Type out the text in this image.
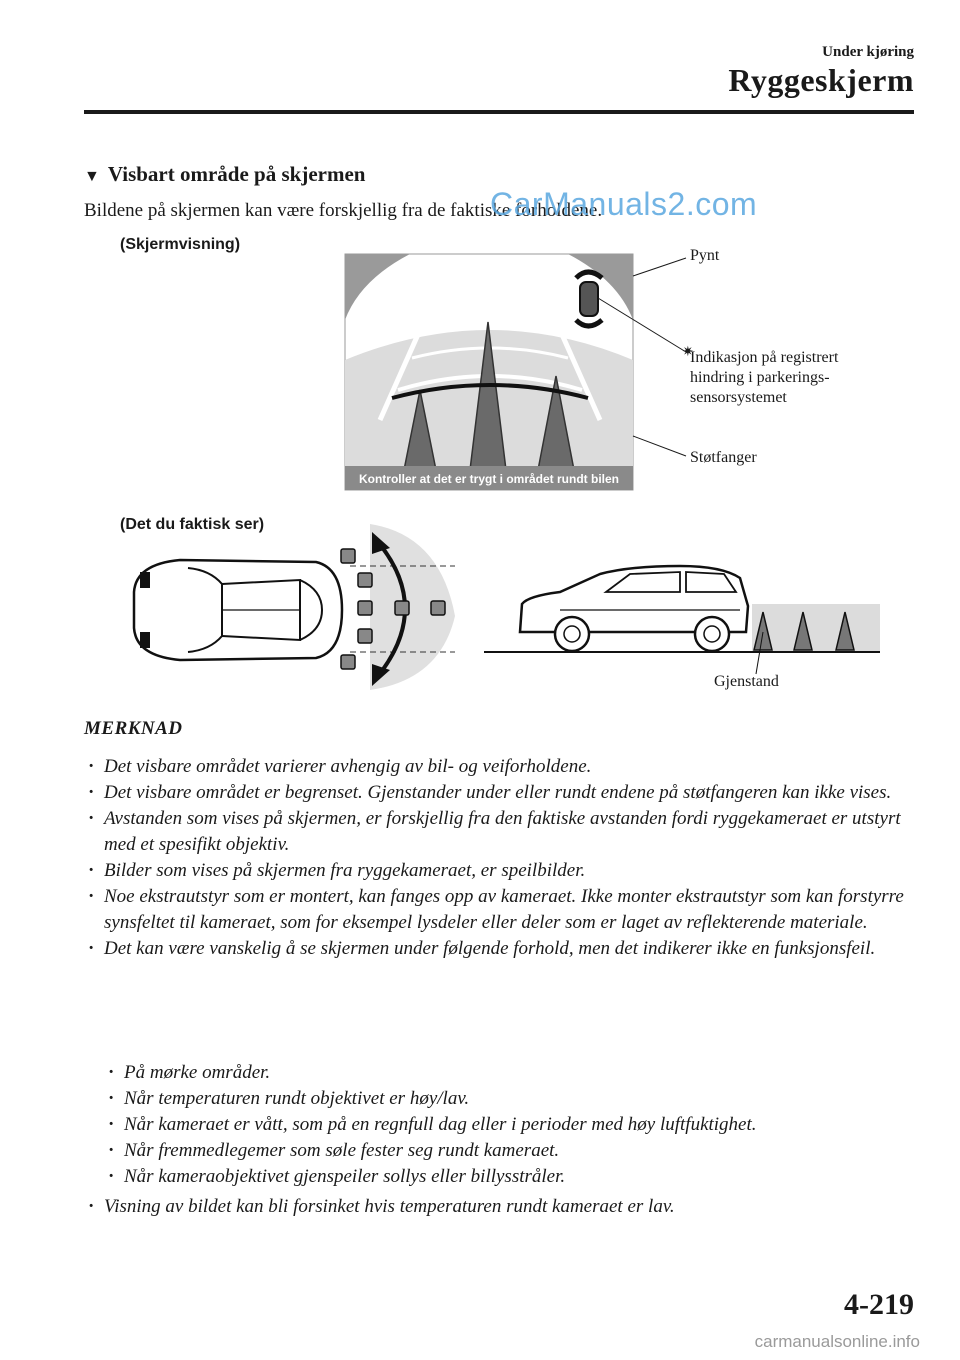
Under kjøring
Ryggeskjerm
▼ Visbart område på skjermen
Bildene på skjermen kan være forskjellig fra de faktiske forholdene.
CarManuals2.com
(Skjermvisning)
Pynt
Indikasjon på registrert
hindring i parkerings-
sensorsystemet
Støtfanger
(Det du faktisk ser)
Gjenstand
Kontroller at det er trygt i området rundt bilen
✷
MERKNAD
· Det visbare området varierer avhengig av bil- og veiforholdene.
· Det visbare området er begrenset. Gjenstander under eller rundt endene på støtfangeren kan ikke vises.
· Avstanden som vises på skjermen, er forskjellig fra den faktiske avstanden fordi ryggekameraet er utstyrt med et spesifikt objektiv.
· Bilder som vises på skjermen fra ryggekameraet, er speilbilder.
· Noe ekstrautstyr som er montert, kan fanges opp av kameraet. Ikke monter ekstrautstyr som kan forstyrre synsfeltet til kameraet, som for eksempel lysdeler eller deler som er laget av reflekterende materiale.
· Det kan være vanskelig å se skjermen under følgende forhold, men det indikerer ikke en funksjonsfeil.
· På mørke områder.
· Når temperaturen rundt objektivet er høy/lav.
· Når kameraet er vått, som på en regnfull dag eller i perioder med høy luftfuktighet.
· Når fremmedlegemer som søle fester seg rundt kameraet.
· Når kameraobjektivet gjenspeiler sollys eller billysstråler.
· Visning av bildet kan bli forsinket hvis temperaturen rundt kameraet er lav.
4-219
carmanualsonline.info
